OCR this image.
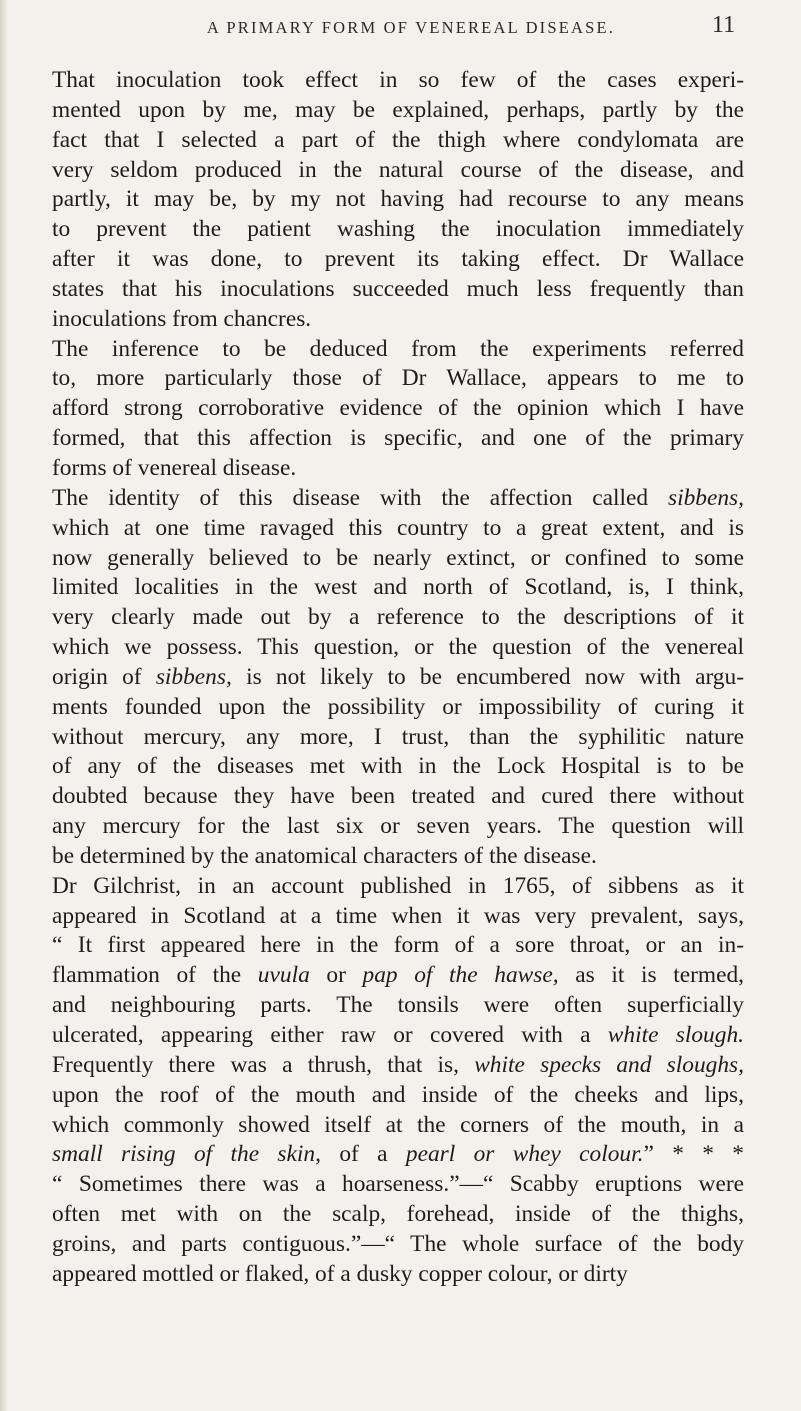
A PRIMARY FORM OF VENEREAL DISEASE.	11
That inoculation took effect in so few of the cases experi-
mented upon by me, may be explained, perhaps, partly by the
fact that I selected a part of the thigh where condylomata are
very seldom produced in the natural course of the disease, and
partly, it may be, by my not having had recourse to any means
to prevent the patient washing the inoculation immediately
after it was done, to prevent its taking effect. Dr Wallace
states that his inoculations succeeded much less frequently than
inoculations from chancres.
The inference to be deduced from the experiments referred
to, more particularly those of Dr Wallace, appears to me to
afford strong corroborative evidence of the opinion which I have
formed, that this affection is specific, and one of the primary
forms of venereal disease.
The identity of this disease with the affection called sibbens,
which at one time ravaged this country to a great extent, and is
now generally believed to be nearly extinct, or confined to some
limited localities in the west and north of Scotland, is, I think,
very clearly made out by a reference to the descriptions of it
which we possess. This question, or the question of the venereal
origin of sibbens, is not likely to be encumbered now with argu-
ments founded upon the possibility or impossibility of curing it
without mercury, any more, I trust, than the syphilitic nature
of any of the diseases met with in the Lock Hospital is to be
doubted because they have been treated and cured there without
any mercury for the last six or seven years. The question will
be determined by the anatomical characters of the disease.
Dr Gilchrist, in an account published in 1765, of sibbens as it
appeared in Scotland at a time when it was very prevalent, says,
“ It first appeared here in the form of a sore throat, or an in-
flammation of the uvula or pap of the hawse, as it is termed,
and neighbouring parts. The tonsils were often superficially
ulcerated, appearing either raw or covered with a white slough.
Frequently there was a thrush, that is, white specks and sloughs,
upon the roof of the mouth and inside of the cheeks and lips,
which commonly showed itself at the corners of the mouth, in a
small rising of the skin, of a pearl or whey colour.” * * *
“ Sometimes there was a hoarseness.”—“ Scabby eruptions were
often met with on the scalp, forehead, inside of the thighs,
groins, and parts contiguous.”—“ The whole surface of the body
appeared mottled or flaked, of a dusky copper colour, or dirty
